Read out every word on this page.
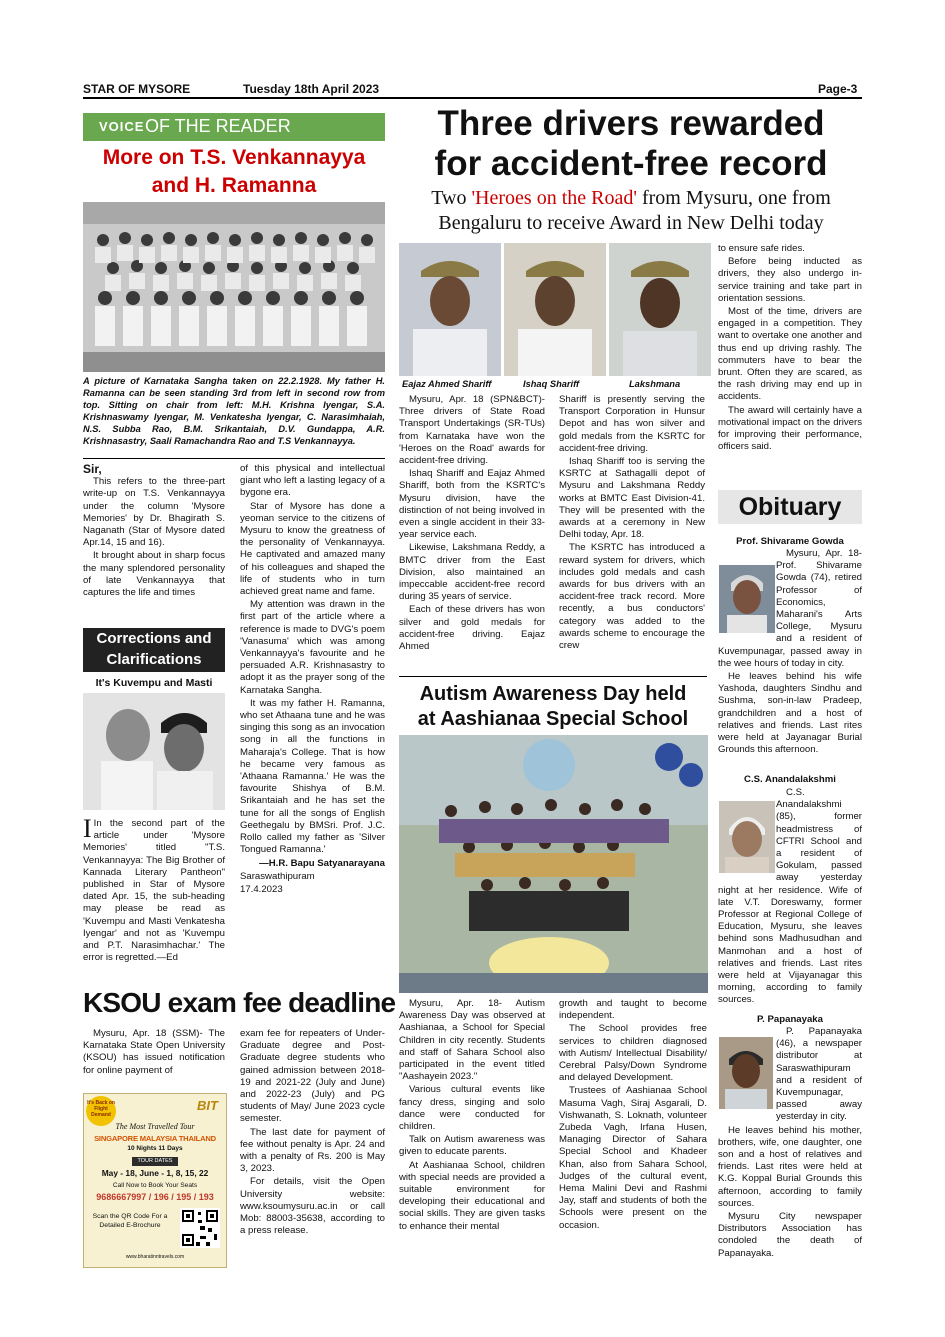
STAR OF MYSORE	Tuesday 18th April 2023	Page-3
VOICE OF THE READER
More on T.S. Venkannayya
and H. Ramanna
A picture of Karnataka Sangha taken on 22.2.1928. My father H. Ramanna can be seen standing 3rd from left in second row from top. Sitting on chair from left: M.H. Krishna Iyengar, S.A. Krishnaswamy Iyengar, M. Venkatesha Iyengar, C. Narasimhaiah, N.S. Subba Rao, B.M. Srikantaiah, D.V. Gundappa, A.R. Krishnasastry, Saali Ramachandra Rao and T.S Venkannayya.

Sir,

This refers to the three-part write-up on T.S. Venkannayya under the column 'Mysore Memories' by Dr. Bhagirath S. Naganath (Star of Mysore dated Apr.14, 15 and 16).

It brought about in sharp focus the many splendored personality of late Venkannayya that captures the life and times

of this physical and intellectual giant who left a lasting legacy of a bygone era.

Star of Mysore has done a yeoman service to the citizens of Mysuru to know the greatness of the personality of Venkannayya. He captivated and amazed many of his colleagues and shaped the life of students who in turn achieved great name and fame.

My attention was drawn in the first part of the article where a reference is made to DVG's poem 'Vanasuma' which was among Venkannayya's favourite and he persuaded A.R. Krishnasastry to adopt it as the prayer song of the Karnataka Sangha.

It was my father H. Ramanna, who set Athaana tune and he was singing this song as an invocation song in all the functions in Maharaja's College. That is how he became very famous as 'Athaana Ramanna.' He was the favourite Shishya of B.M. Srikantaiah and he has set the tune for all the songs of English Geethegalu by BMSri. Prof. J.C. Rollo called my father as 'Silver Tongued Ramanna.'

—H.R. Bapu Satyanarayana

Saraswathipuram

17.4.2023

Corrections and
Clarifications
It's Kuvempu and Masti
I In the second part of the article under 'Mysore Memories' titled "T.S. Venkannayya: The Big Brother of Kannada Literary Pantheon" published in Star of Mysore dated Apr. 15, the sub-heading may please be read as 'Kuvempu and Masti Venkatesha Iyengar' and not as 'Kuvempu and P.T. Narasimhachar.' The error is regretted.—Ed
Three drivers rewarded
for accident-free record
Two 'Heroes on the Road' from Mysuru, one from
Bengaluru to receive Award in New Delhi today
Eajaz Ahmed Shariff	Ishaq Shariff	Lakshmana

Mysuru, Apr. 18 (SPN&BCT)- Three drivers of State Road Transport Undertakings (SR-TUs) from Karnataka have won the 'Heroes on the Road' awards for accident-free driving.

Ishaq Shariff and Eajaz Ahmed Shariff, both from the KSRTC's Mysuru division, have the distinction of not being involved in even a single accident in their 33-year service each.

Likewise, Lakshmana Reddy, a BMTC driver from the East Division, also maintained an impeccable accident-free record during 35 years of service.

Each of these drivers has won silver and gold medals for accident-free driving. Eajaz Ahmed

Shariff is presently serving the Transport Corporation in Hunsur Depot and has won silver and gold medals from the KSRTC for accident-free driving.

Ishaq Shariff too is serving the KSRTC at Sathagalli depot of Mysuru and Lakshmana Reddy works at BMTC East Division-41. They will be presented with the awards at a ceremony in New Delhi today, Apr. 18.

The KSRTC has introduced a reward system for drivers, which includes gold medals and cash awards for bus drivers with an accident-free track record. More recently, a bus conductors' category was added to the awards scheme to encourage the crew

to ensure safe rides.

Before being inducted as drivers, they also undergo in-service training and take part in orientation sessions.

Most of the time, drivers are engaged in a competition. They want to overtake one another and thus end up driving rashly. The commuters have to bear the brunt. Often they are scared, as the rash driving may end up in accidents.

The award will certainly have a motivational impact on the drivers for improving their performance, officers said.

Autism Awareness Day held
at Aashianaa Special School

Mysuru, Apr. 18- Autism Awareness Day was observed at Aashianaa, a School for Special Children in city recently. Students and staff of Sahara School also participated in the event titled "Aashayein 2023."

Various cultural events like fancy dress, singing and solo dance were conducted for children.

Talk on Autism awareness was given to educate parents.

At Aashianaa School, children with special needs are provided a suitable environment for developing their educational and social skills. They are given tasks to enhance their mental

growth and taught to become independent.

The School provides free services to children diagnosed with Autism/ Intellectual Disability/ Cerebral Palsy/Down Syndrome and delayed Development.

Trustees of Aashianaa School Masuma Vagh, Siraj Asgarali, D. Vishwanath, S. Loknath, volunteer Zubeda Vagh, Irfana Husen, Managing Director of Sahara Special School and Khadeer Khan, also from Sahara School, Judges of the cultural event, Hema Malini Devi and Rashmi Jay, staff and students of both the Schools were present on the occasion.

KSOU exam fee deadline

Mysuru, Apr. 18 (SSM)- The Karnataka State Open University (KSOU) has issued notification for online payment of

exam fee for repeaters of Under-Graduate degree and Post-Graduate degree students who gained admission between 2018-19 and 2021-22 (July and June) and 2022-23 (July) and PG students of May/ June 2023 cycle semester.

The last date for payment of fee without penalty is Apr. 24 and with a penalty of Rs. 200 is May 3, 2023.

For details, visit the Open University website: www.ksoumysuru.ac.in or call Mob: 88003-35638, according to a press release.

It's Back on Flight Demand
BIT
The Most Travelled Tour
SINGAPORE MALAYSIA THAILAND
10 Nights 11 Days
TOUR DATES
May - 18, June - 1, 8, 15, 22
Call Now to Book Your Seats
9686667997 / 196 / 195 / 193
Scan the QR Code For a
Detailed E-Brochure
www.bharatinntravels.com
Obituary
Prof. Shivarame Gowda

Mysuru, Apr. 18- Prof. Shivarame Gowda (74), retired Professor of Economics, Maharani's Arts College, Mysuru and a resident of Kuvempunagar, passed away in the wee hours of today in city.

He leaves behind his wife Yashoda, daughters Sindhu and Sushma, son-in-law Pradeep, grandchildren and a host of relatives and friends. Last rites were held at Jayanagar Burial Grounds this afternoon.

C.S. Anandalakshmi

C.S. Anandalakshmi (85), former headmistress of CFTRI School and a resident of Gokulam, passed away yesterday night at her residence. Wife of late V.T. Doreswamy, former Professor at Regional College of Education, Mysuru, she leaves behind sons Madhusudhan and Manmohan and a host of relatives and friends. Last rites were held at Vijayanagar this morning, according to family sources.

P. Papanayaka

P. Papanayaka (46), a newspaper distributor at Saraswathipuram and a resident of Kuvempunagar, passed away yesterday in city.

He leaves behind his mother, brothers, wife, one daughter, one son and a host of relatives and friends. Last rites were held at K.G. Koppal Burial Grounds this afternoon, according to family sources.

Mysuru City newspaper Distributors Association has condoled the death of Papanayaka.
